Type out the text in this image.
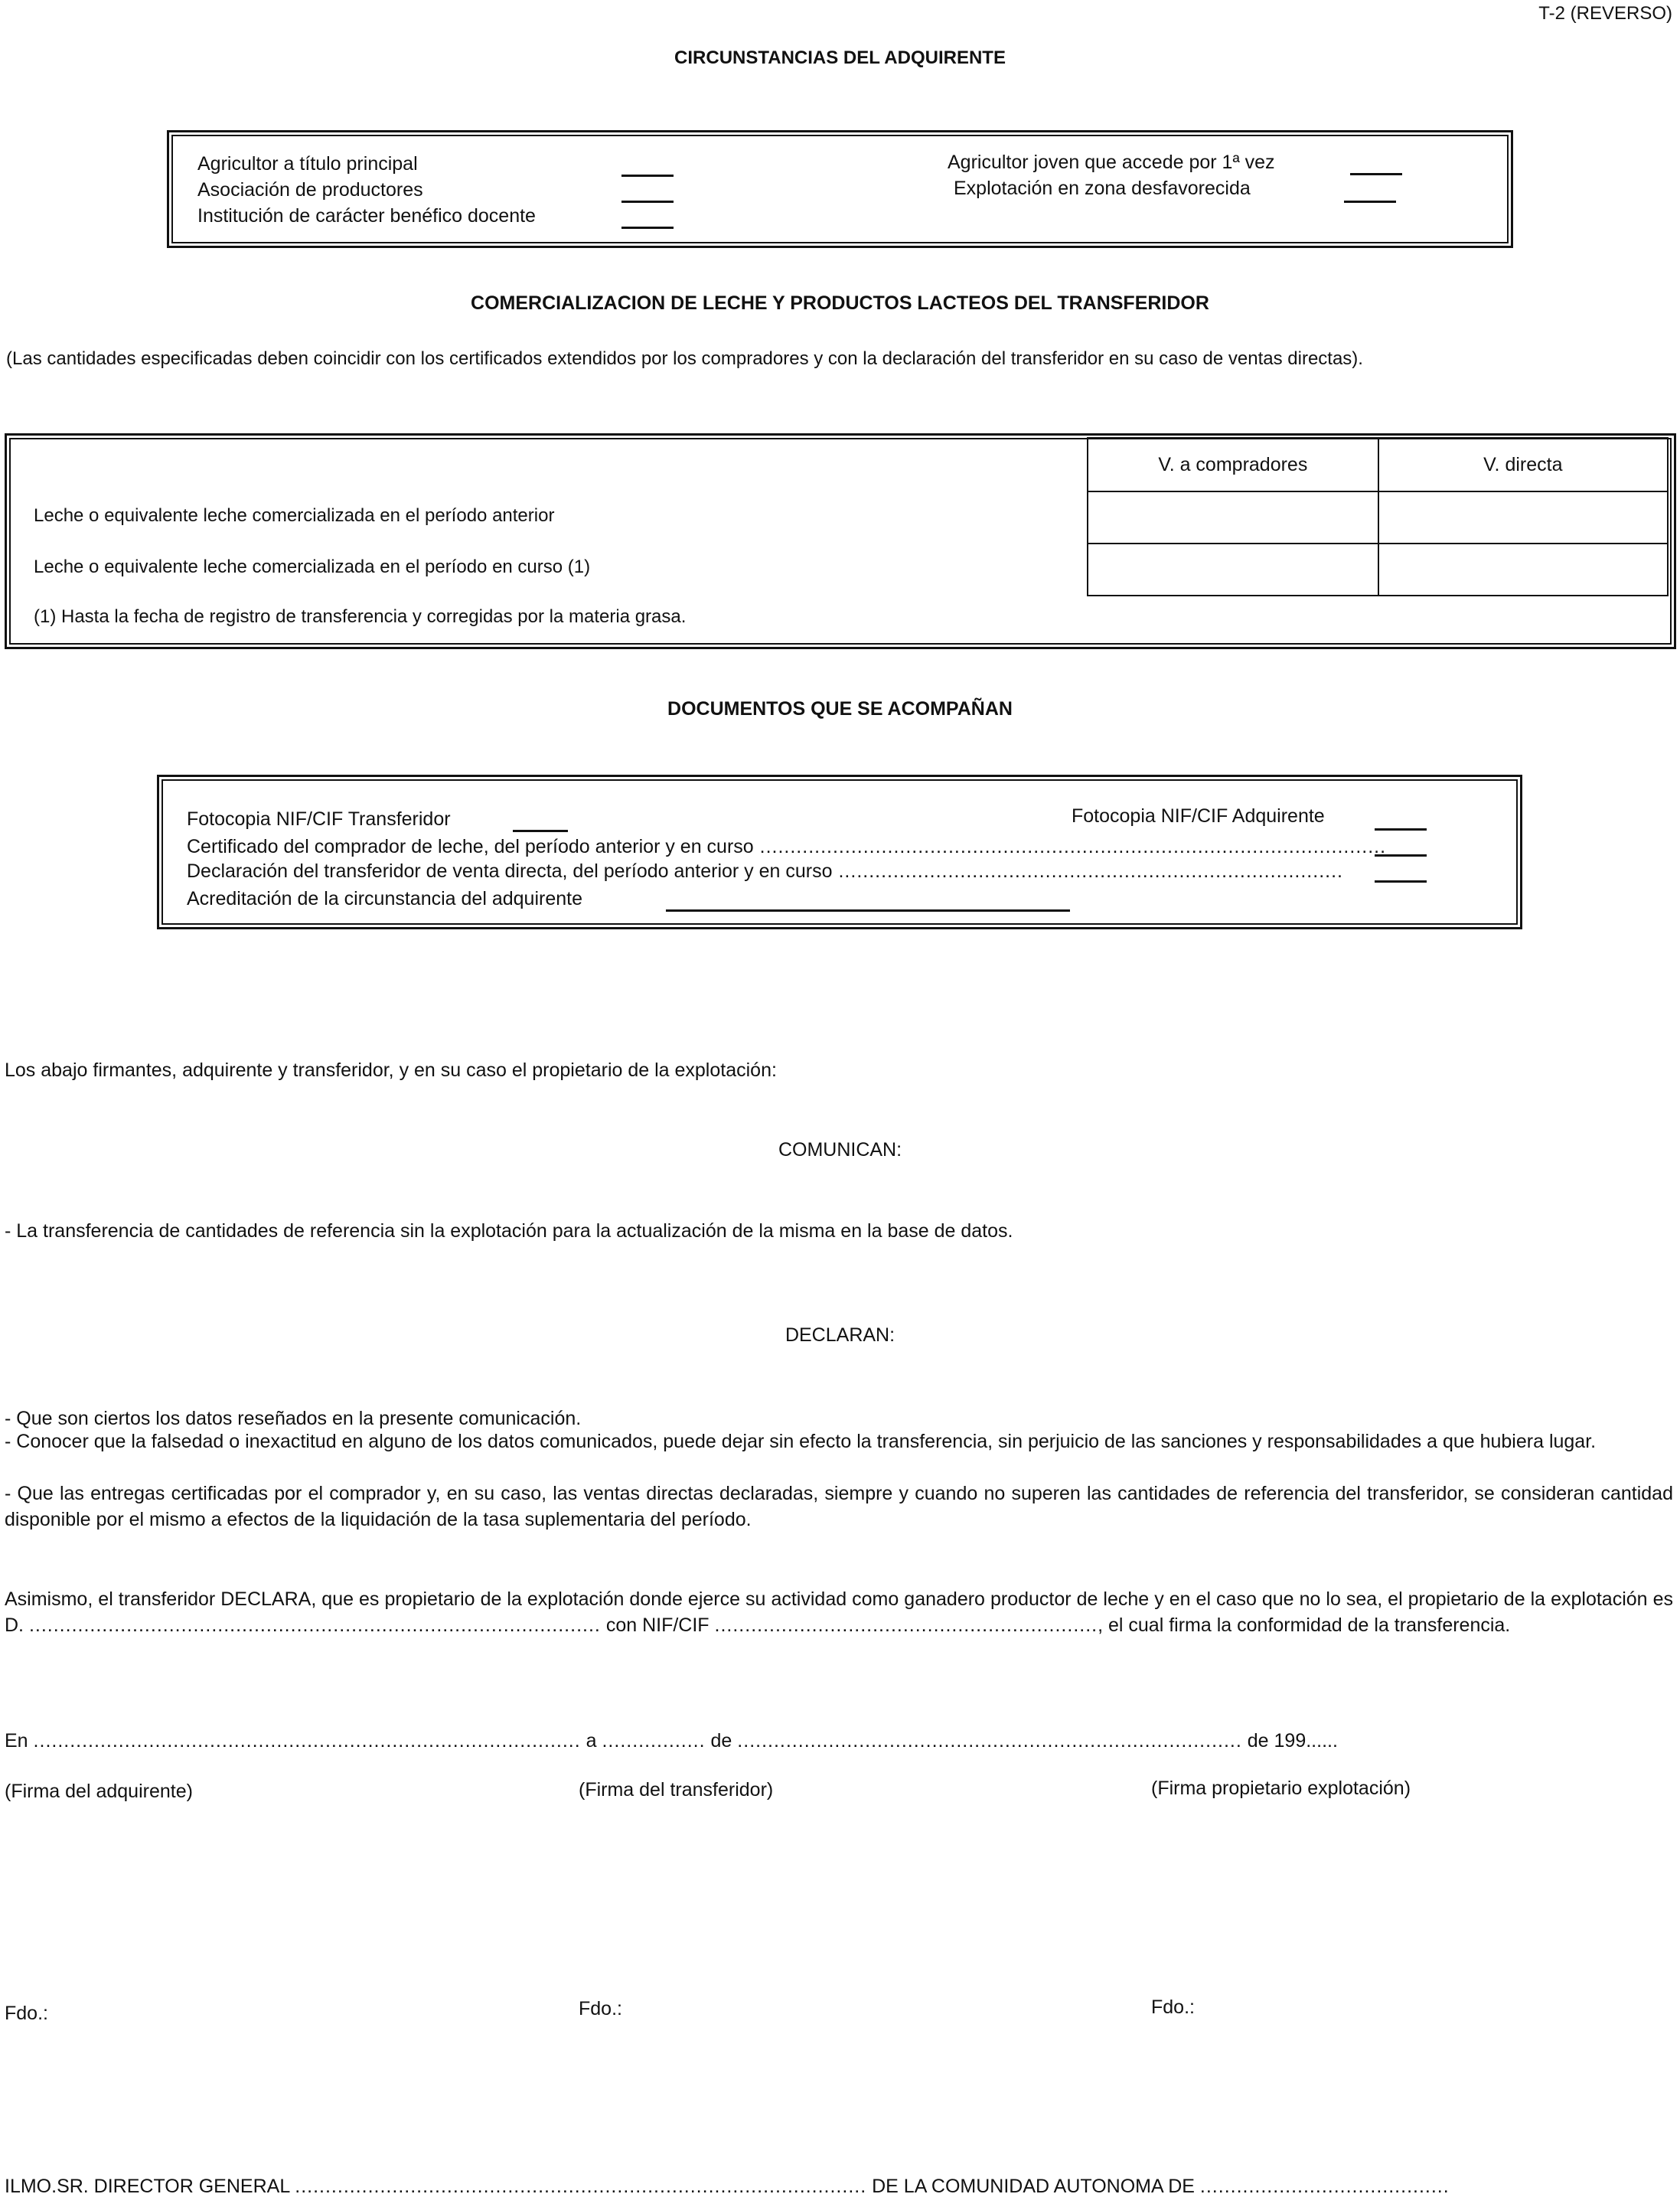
T-2 (REVERSO)
CIRCUNSTANCIAS DEL ADQUIRENTE
Agricultor a título principal
Asociación de productores
Institución de carácter benéfico docente
Agricultor joven que accede por 1ª vez
Explotación en zona desfavorecida
COMERCIALIZACION DE LECHE Y PRODUCTOS LACTEOS DEL TRANSFERIDOR
(Las cantidades especificadas deben coincidir con los certificados extendidos por los compradores y con la declaración del transferidor en su caso de ventas directas).
V. a compradores	V. directa

Leche o equivalente leche comercializada en el período anterior
Leche o equivalente leche comercializada en el período en curso (1)
(1) Hasta la fecha de registro de transferencia y corregidas por la materia grasa.
DOCUMENTOS QUE SE ACOMPAÑAN
Fotocopia NIF/CIF Transferidor	Fotocopia NIF/CIF Adquirente
Certificado del comprador de leche, del período anterior y en curso .......................................................................................................
Declaración del transferidor de venta directa, del período anterior y en curso ...................................................................................
Acreditación de la circunstancia del adquirente
Los abajo firmantes, adquirente y transferidor, y en su caso el propietario de la explotación:
COMUNICAN:
- La transferencia de cantidades de referencia sin la explotación para la actualización de la misma en la base de datos.
DECLARAN:
- Que son ciertos los datos reseñados en la presente comunicación.
- Conocer que la falsedad o inexactitud en alguno de los datos comunicados, puede dejar sin efecto la transferencia, sin perjuicio de las sanciones y responsabilidades a que hubiera lugar.
- Que las entregas certificadas por el comprador y, en su caso, las ventas directas declaradas, siempre y cuando no superen las cantidades de referencia del transferidor, se consideran cantidad disponible por el mismo a efectos de la liquidación de la tasa suplementaria del período.
Asimismo, el transferidor DECLARA, que es propietario de la explotación donde ejerce su actividad como ganadero productor de leche y en el caso que no lo sea, el propietario de la explotación es D. .............................................................................................. con NIF/CIF ..............................................................., el cual firma la conformidad de la transferencia.
En .......................................................................................... a ................. de ................................................................................... de 199......
(Firma del adquirente)	(Firma del transferidor)	(Firma propietario explotación)
Fdo.:	Fdo.:	Fdo.:
ILMO.SR. DIRECTOR GENERAL .............................................................................................. DE LA COMUNIDAD AUTONOMA DE .........................................
